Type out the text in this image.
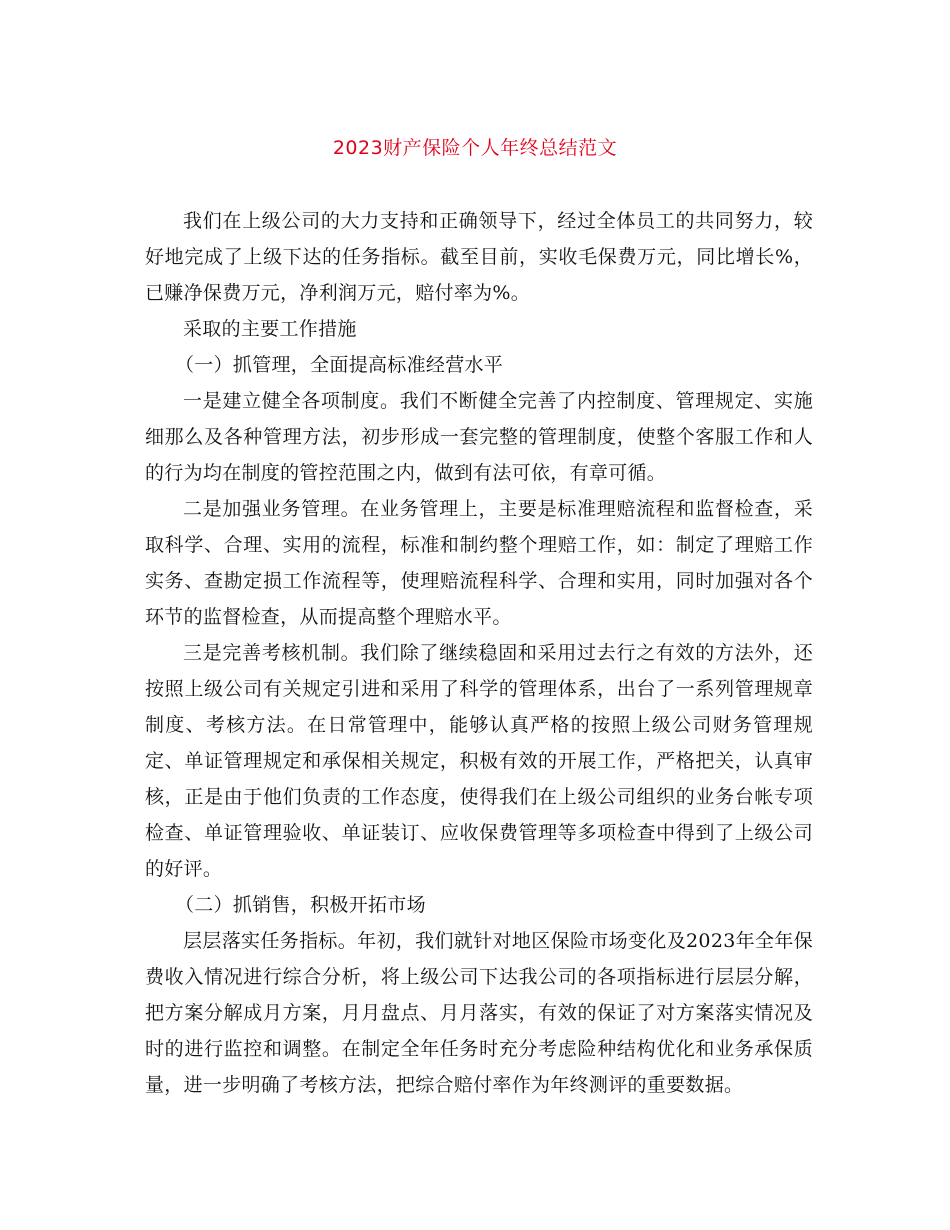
2023财产保险个人年终总结范文

我们在上级公司的大力支持和正确领导下，经过全体员工的共同努力，较好地完成了上级下达的任务指标。截至目前，实收毛保费万元，同比增长%，已赚净保费万元，净利润万元，赔付率为%。

采取的主要工作措施

（一）抓管理，全面提高标准经营水平

一是建立健全各项制度。我们不断健全完善了内控制度、管理规定、实施细那么及各种管理方法，初步形成一套完整的管理制度，使整个客服工作和人的行为均在制度的管控范围之内，做到有法可依，有章可循。

二是加强业务管理。在业务管理上，主要是标准理赔流程和监督检查，采取科学、合理、实用的流程，标准和制约整个理赔工作，如：制定了理赔工作实务、查勘定损工作流程等，使理赔流程科学、合理和实用，同时加强对各个环节的监督检查，从而提高整个理赔水平。

三是完善考核机制。我们除了继续稳固和采用过去行之有效的方法外，还按照上级公司有关规定引进和采用了科学的管理体系，出台了一系列管理规章制度、考核方法。在日常管理中，能够认真严格的按照上级公司财务管理规定、单证管理规定和承保相关规定，积极有效的开展工作，严格把关，认真审核，正是由于他们负责的工作态度，使得我们在上级公司组织的业务台帐专项检查、单证管理验收、单证装订、应收保费管理等多项检查中得到了上级公司的好评。

（二）抓销售，积极开拓市场

层层落实任务指标。年初，我们就针对地区保险市场变化及2023年全年保费收入情况进行综合分析，将上级公司下达我公司的各项指标进行层层分解，把方案分解成月方案，月月盘点、月月落实，有效的保证了对方案落实情况及时的进行监控和调整。在制定全年任务时充分考虑险种结构优化和业务承保质量，进一步明确了考核方法，把综合赔付率作为年终测评的重要数据。
